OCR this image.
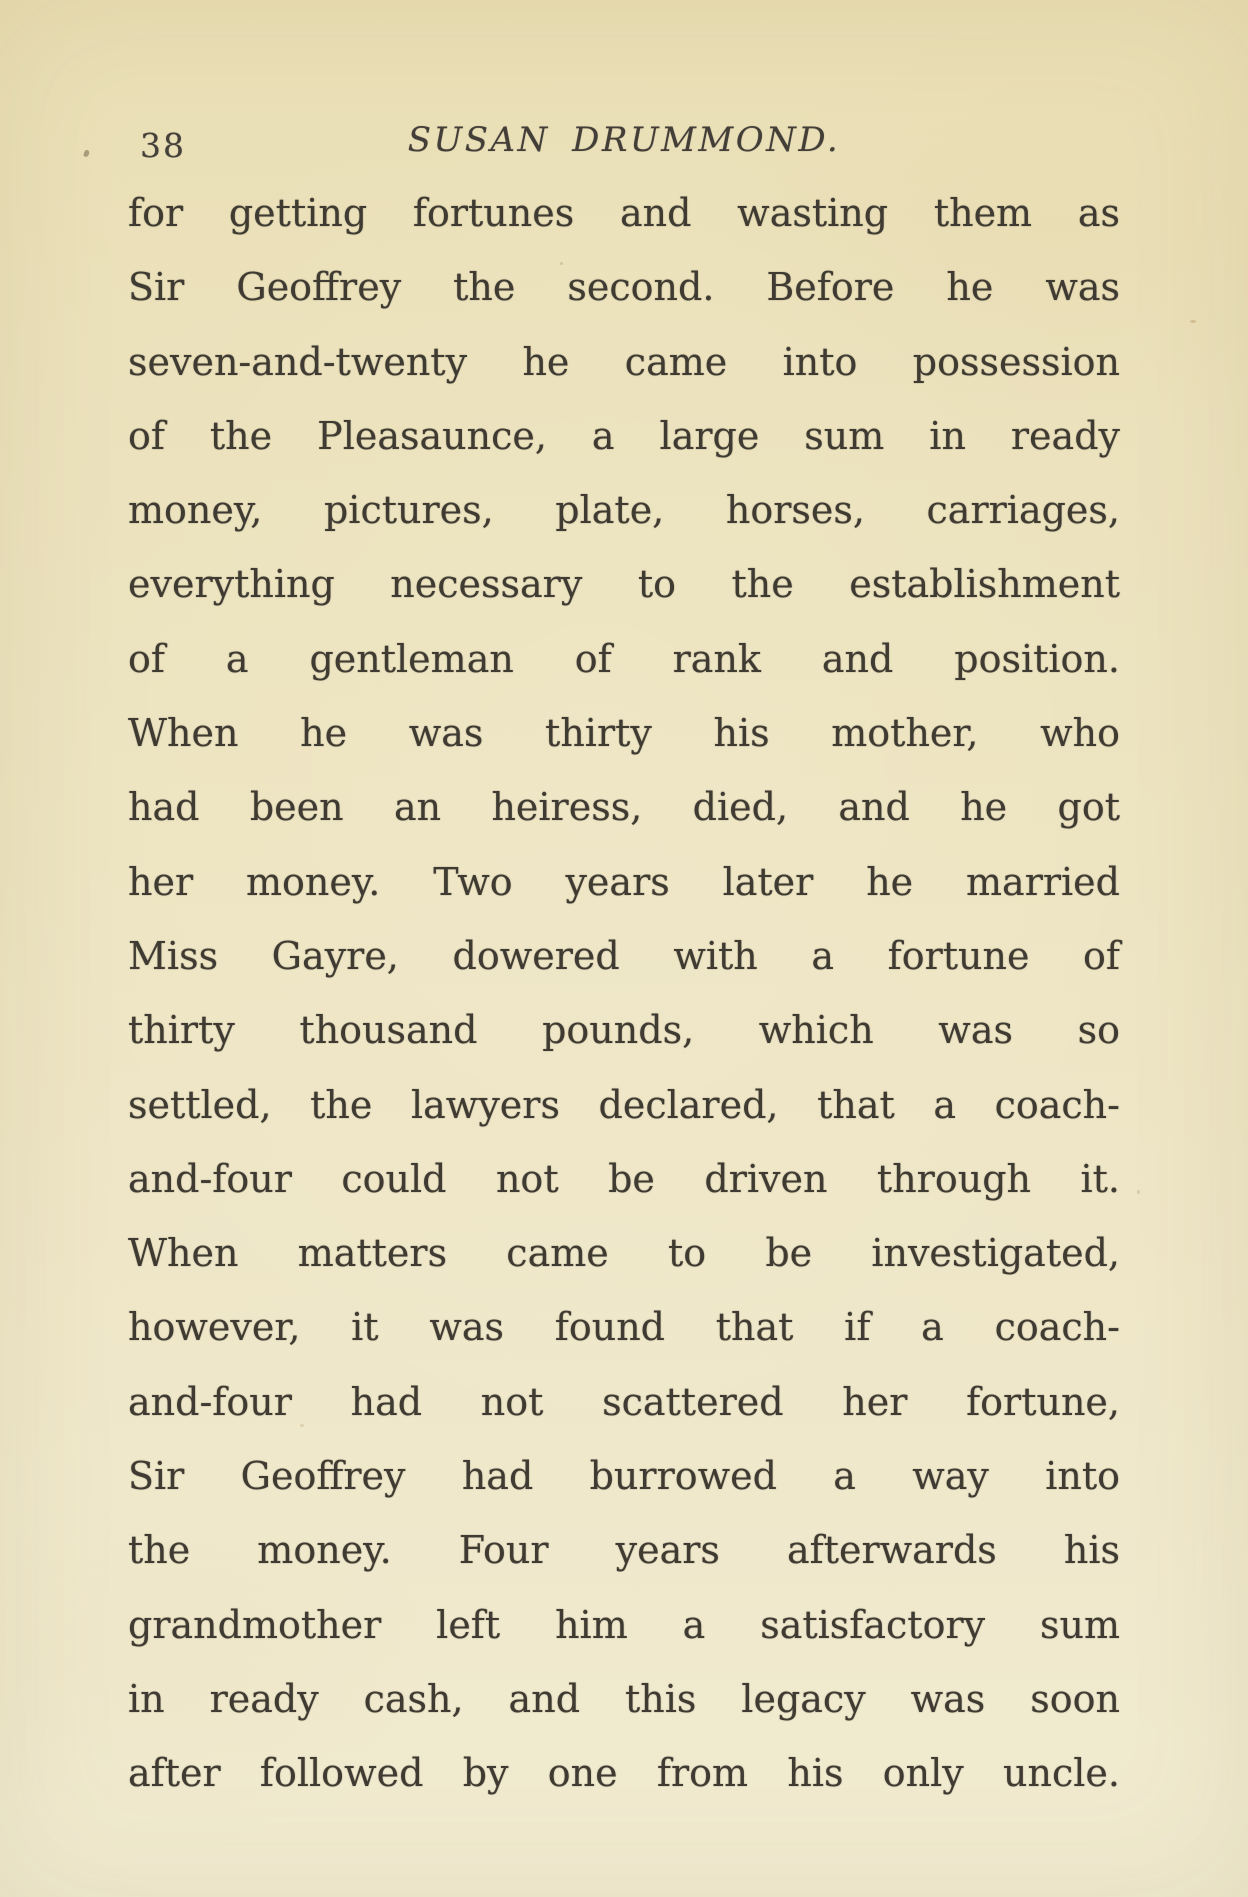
38	SUSAN DRUMMOND.
for getting fortunes and wasting them as
Sir Geoffrey the second. Before he was
seven-and-twenty he came into possession
of the Pleasaunce, a large sum in ready
money, pictures, plate, horses, carriages,
everything necessary to the establishment
of a gentleman of rank and position.
When he was thirty his mother, who
had been an heiress, died, and he got
her money. Two years later he married
Miss Gayre, dowered with a fortune of
thirty thousand pounds, which was so
settled, the lawyers declared, that a coach-
and-four could not be driven through it.
When matters came to be investigated,
however, it was found that if a coach-
and-four had not scattered her fortune,
Sir Geoffrey had burrowed a way into
the money. Four years afterwards his
grandmother left him a satisfactory sum
in ready cash, and this legacy was soon
after followed by one from his only uncle.
